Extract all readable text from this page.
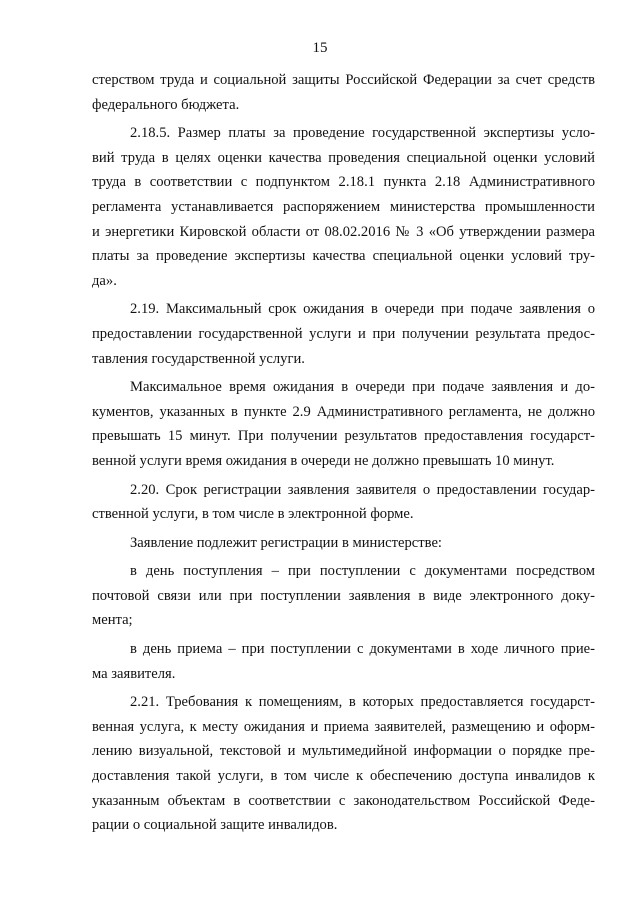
15

стерством труда и социальной защиты Российской Федерации за счет средств
федерального бюджета.

2.18.5. Размер платы за проведение государственной экспертизы усло-
вий труда в целях оценки качества проведения специальной оценки условий
труда в соответствии с подпунктом 2.18.1 пункта 2.18 Административного
регламента устанавливается распоряжением министерства промышленности
и энергетики Кировской области от 08.02.2016 № 3 «Об утверждении размера
платы за проведение экспертизы качества специальной оценки условий тру-
да».

2.19. Максимальный срок ожидания в очереди при подаче заявления о
предоставлении государственной услуги и при получении результата предос-
тавления государственной услуги.

Максимальное время ожидания в очереди при подаче заявления и до-
кументов, указанных в пункте 2.9 Административного регламента, не должно
превышать 15 минут. При получении результатов предоставления государст-
венной услуги время ожидания в очереди не должно превышать 10 минут.

2.20. Срок регистрации заявления заявителя о предоставлении государ-
ственной услуги, в том числе в электронной форме.

Заявление подлежит регистрации в министерстве:

в день поступления – при поступлении с документами посредством
почтовой связи или при поступлении заявления в виде электронного доку-
мента;

в день приема – при поступлении с документами в ходе личного прие-
ма заявителя.

2.21. Требования к помещениям, в которых предоставляется государст-
венная услуга, к месту ожидания и приема заявителей, размещению и оформ-
лению визуальной, текстовой и мультимедийной информации о порядке пре-
доставления такой услуги, в том числе к обеспечению доступа инвалидов к
указанным объектам в соответствии с законодательством Российской Феде-
рации о социальной защите инвалидов.
